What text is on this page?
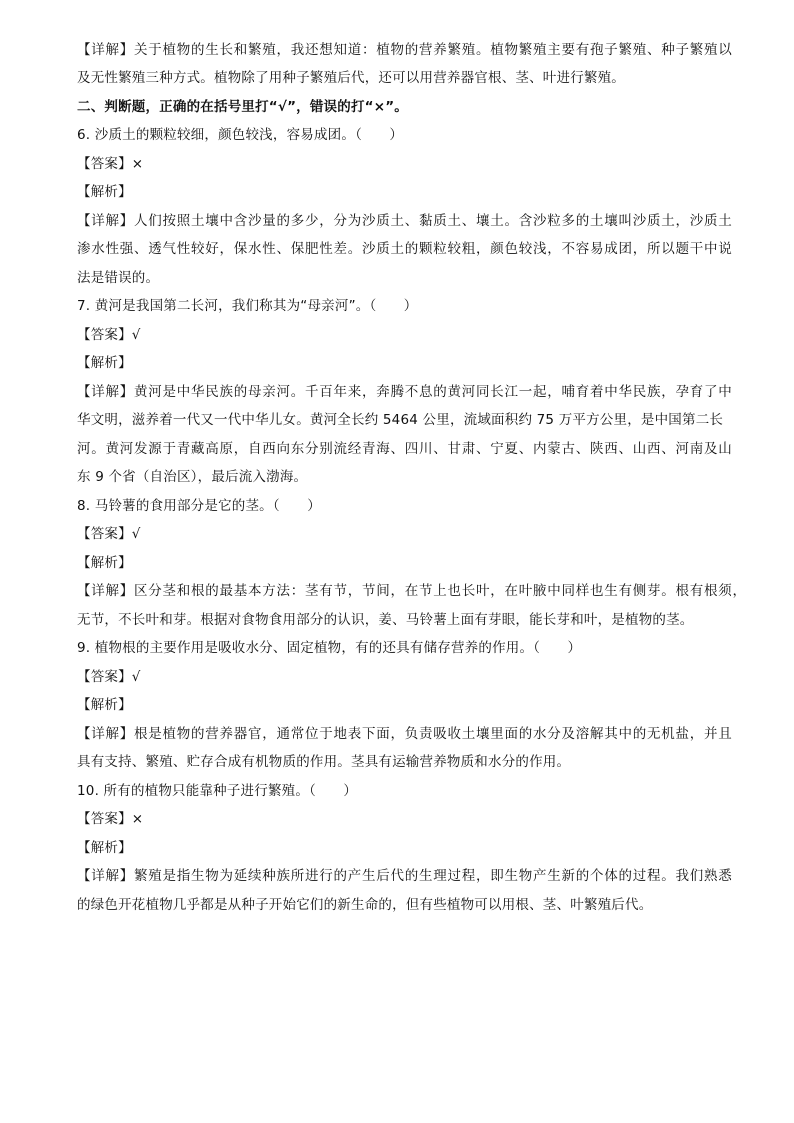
【详解】关于植物的生长和繁殖，我还想知道：植物的营养繁殖。植物繁殖主要有孢子繁殖、种子繁殖以
及无性繁殖三种方式。植物除了用种子繁殖后代，还可以用营养器官根、茎、叶进行繁殖。
二、判断题，正确的在括号里打“√”，错误的打“×”。
6. 沙质土的颗粒较细，颜色较浅，容易成团。（　　）
【答案】×
【解析】
【详解】人们按照土壤中含沙量的多少，分为沙质土、黏质土、壤土。含沙粒多的土壤叫沙质土，沙质土
渗水性强、透气性较好，保水性、保肥性差。沙质土的颗粒较粗，颜色较浅，不容易成团，所以题干中说
法是错误的。
7. 黄河是我国第二长河，我们称其为“母亲河”。（　　）
【答案】√
【解析】
【详解】黄河是中华民族的母亲河。千百年来，奔腾不息的黄河同长江一起，哺育着中华民族，孕育了中
华文明，滋养着一代又一代中华儿女。黄河全长约 5464 公里，流域面积约 75 万平方公里，是中国第二长
河。黄河发源于青藏高原，自西向东分别流经青海、四川、甘肃、宁夏、内蒙古、陕西、山西、河南及山
东 9 个省（自治区），最后流入渤海。
8. 马铃薯的食用部分是它的茎。（　　）
【答案】√
【解析】
【详解】区分茎和根的最基本方法：茎有节，节间，在节上也长叶，在叶腋中同样也生有侧芽。根有根须，
无节，不长叶和芽。根据对食物食用部分的认识，姜、马铃薯上面有芽眼，能长芽和叶，是植物的茎。
9. 植物根的主要作用是吸收水分、固定植物，有的还具有储存营养的作用。（　　）
【答案】√
【解析】
【详解】根是植物的营养器官，通常位于地表下面，负责吸收土壤里面的水分及溶解其中的无机盐，并且
具有支持、繁殖、贮存合成有机物质的作用。茎具有运输营养物质和水分的作用。
10. 所有的植物只能靠种子进行繁殖。（　　）
【答案】×
【解析】
【详解】繁殖是指生物为延续种族所进行的产生后代的生理过程，即生物产生新的个体的过程。我们熟悉
的绿色开花植物几乎都是从种子开始它们的新生命的，但有些植物可以用根、茎、叶繁殖后代。
